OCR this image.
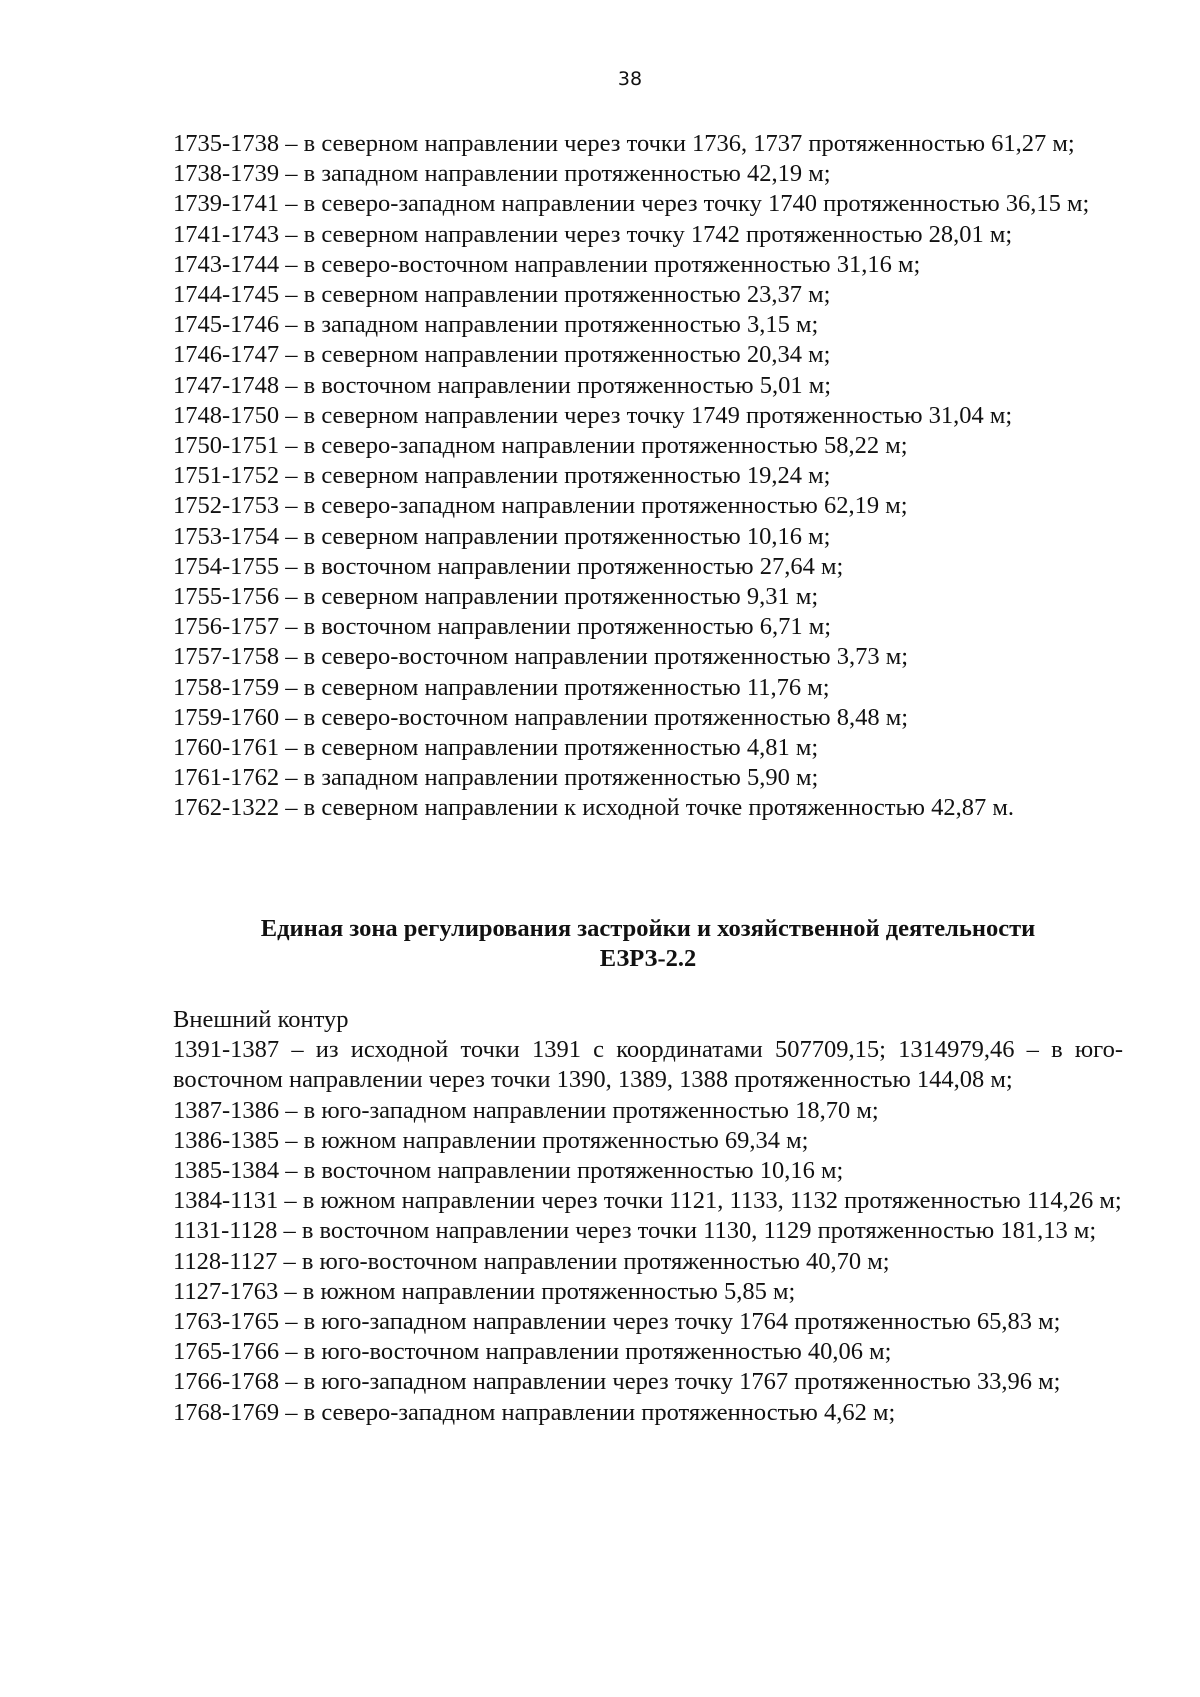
38

1735-1738 – в северном направлении через точки 1736, 1737 протяженностью 61,27 м;

1738-1739 – в западном направлении протяженностью 42,19 м;

1739-1741 – в северо-западном направлении через точку 1740 протяженностью 36,15 м;

1741-1743 – в северном направлении через точку 1742 протяженностью 28,01 м;

1743-1744 – в северо-восточном направлении протяженностью 31,16 м;

1744-1745 – в северном направлении протяженностью 23,37 м;

1745-1746 – в западном направлении протяженностью 3,15 м;

1746-1747 – в северном направлении протяженностью 20,34 м;

1747-1748 – в восточном направлении протяженностью 5,01 м;

1748-1750 – в северном направлении через точку 1749 протяженностью 31,04 м;

1750-1751 – в северо-западном направлении протяженностью 58,22 м;

1751-1752 – в северном направлении протяженностью 19,24 м;

1752-1753 – в северо-западном направлении протяженностью 62,19 м;

1753-1754 – в северном направлении протяженностью 10,16 м;

1754-1755 – в восточном направлении протяженностью 27,64 м;

1755-1756 – в северном направлении протяженностью 9,31 м;

1756-1757 – в восточном направлении протяженностью 6,71 м;

1757-1758 – в северо-восточном направлении протяженностью 3,73 м;

1758-1759 – в северном направлении протяженностью 11,76 м;

1759-1760 – в северо-восточном направлении протяженностью 8,48 м;

1760-1761 – в северном направлении протяженностью 4,81 м;

1761-1762 – в западном направлении протяженностью 5,90 м;

1762-1322 – в северном направлении к исходной точке протяженностью 42,87 м.

Единая зона регулирования застройки и хозяйственной деятельности
ЕЗРЗ-2.2

Внешний контур

1391-1387 – из исходной точки 1391 с координатами 507709,15; 1314979,46 – в юго-восточном направлении через точки 1390, 1389, 1388 протяженностью 144,08 м;

1387-1386 – в юго-западном направлении протяженностью 18,70 м;

1386-1385 – в южном направлении протяженностью 69,34 м;

1385-1384 – в восточном направлении протяженностью 10,16 м;

1384-1131 – в южном направлении через точки 1121, 1133, 1132 протяженностью 114,26 м;

1131-1128 – в восточном направлении через точки 1130, 1129 протяженностью 181,13 м;

1128-1127 – в юго-восточном направлении протяженностью 40,70 м;

1127-1763 – в южном направлении протяженностью 5,85 м;

1763-1765 – в юго-западном направлении через точку 1764 протяженностью 65,83 м;

1765-1766 – в юго-восточном направлении протяженностью 40,06 м;

1766-1768 – в юго-западном направлении через точку 1767 протяженностью 33,96 м;

1768-1769 – в северо-западном направлении протяженностью 4,62 м;
